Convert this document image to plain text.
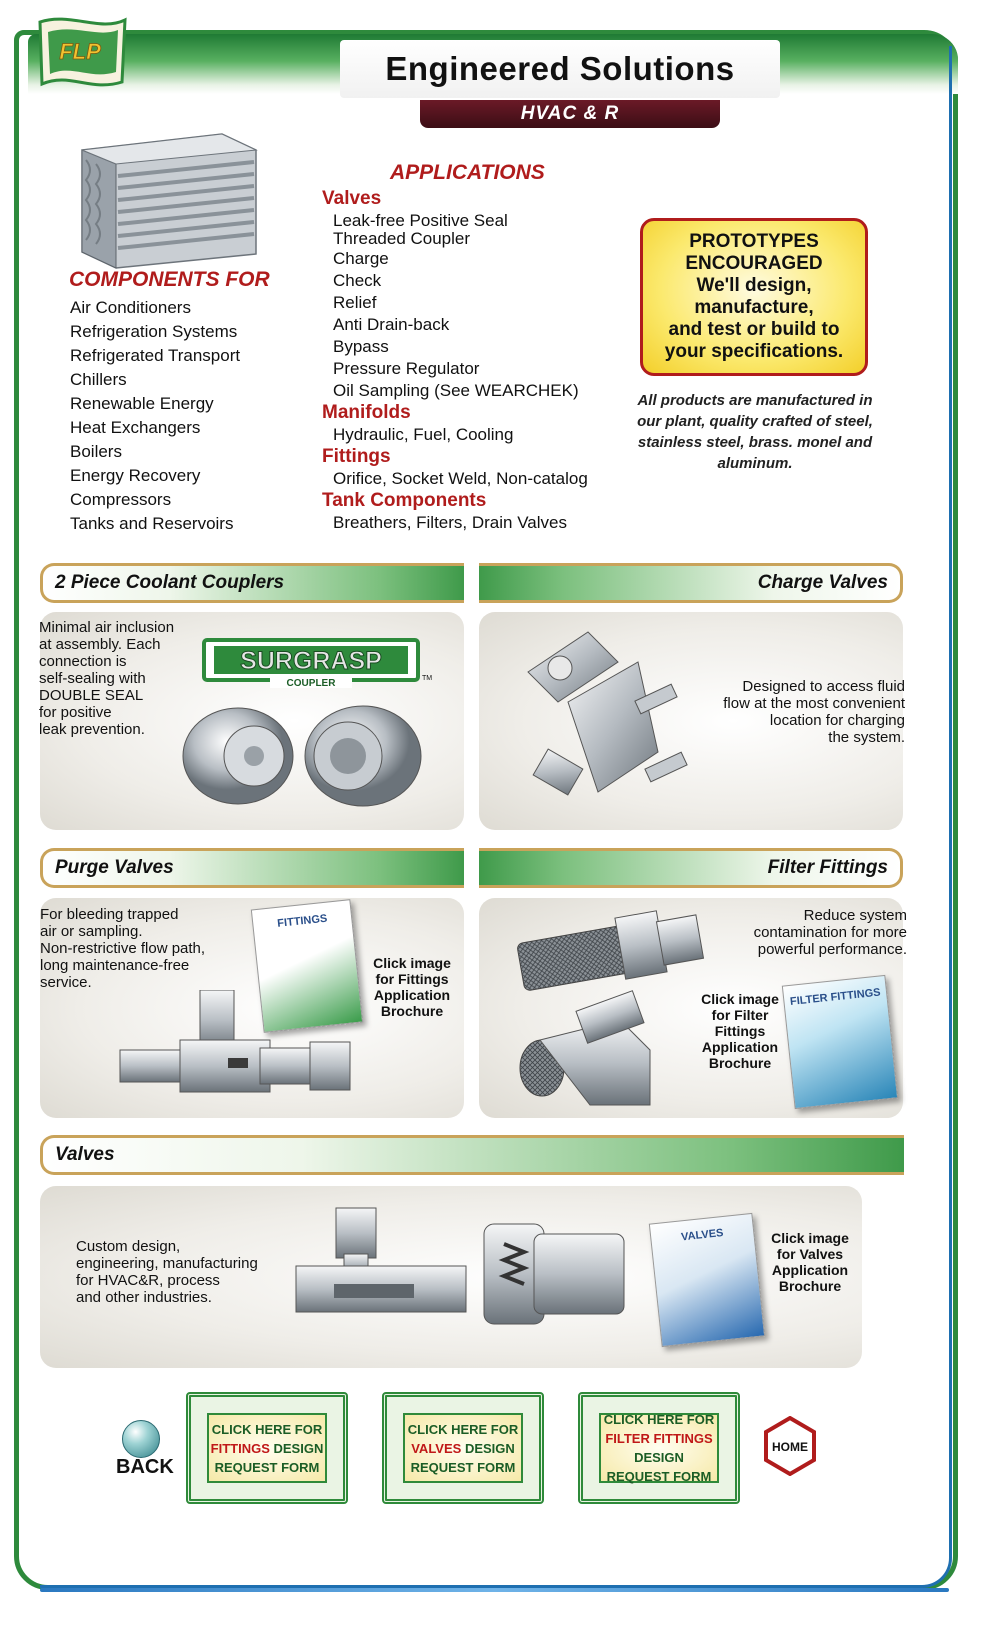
FLP	Engineered Solutions
HVAC & R
COMPONENTS FOR
Air Conditioners
Refrigeration Systems
Refrigerated Transport
Chillers
Renewable Energy
Heat Exchangers
Boilers
Energy Recovery
Compressors
Tanks and Reservoirs
APPLICATIONS
Valves
Leak-free Positive Seal
Threaded Coupler
Charge
Check
Relief
Anti Drain-back
Bypass
Pressure Regulator
Oil Sampling (See WEARCHEK)
Manifolds
Hydraulic, Fuel, Cooling
Fittings
Orifice, Socket Weld, Non-catalog
Tank Components
Breathers, Filters, Drain Valves
PROTOTYPES
ENCOURAGED
We'll design,
manufacture,
and test or build to
your specifications.
All products are manufactured in our plant, quality crafted of steel, stainless steel, brass. monel and aluminum.
2 Piece Coolant Couplers
Minimal air inclusion
at assembly. Each
connection is
self-sealing with
DOUBLE SEAL
for positive
leak prevention.
SURGRASP
COUPLER	TM
Charge Valves
Designed to access fluid
flow at the most convenient
location for charging
the system.
Purge Valves
For bleeding trapped
air or sampling.
Non-restrictive flow path,
long maintenance-free
service.
FITTINGS
Click image
for Fittings
Application
Brochure
Filter Fittings
Reduce system
contamination for more
powerful performance.
Click image
for Filter
Fittings
Application
Brochure
FILTER FITTINGS
Valves
Custom design,
engineering, manufacturing
for HVAC&R, process
and other industries.
VALVES	Click image
for Valves
Application
Brochure
BACK
CLICK HERE FOR
FITTINGS DESIGN
REQUEST FORM
CLICK HERE FOR
VALVES DESIGN
REQUEST FORM
CLICK HERE FOR
FILTER FITTINGS
DESIGN
REQUEST FORM
HOME
